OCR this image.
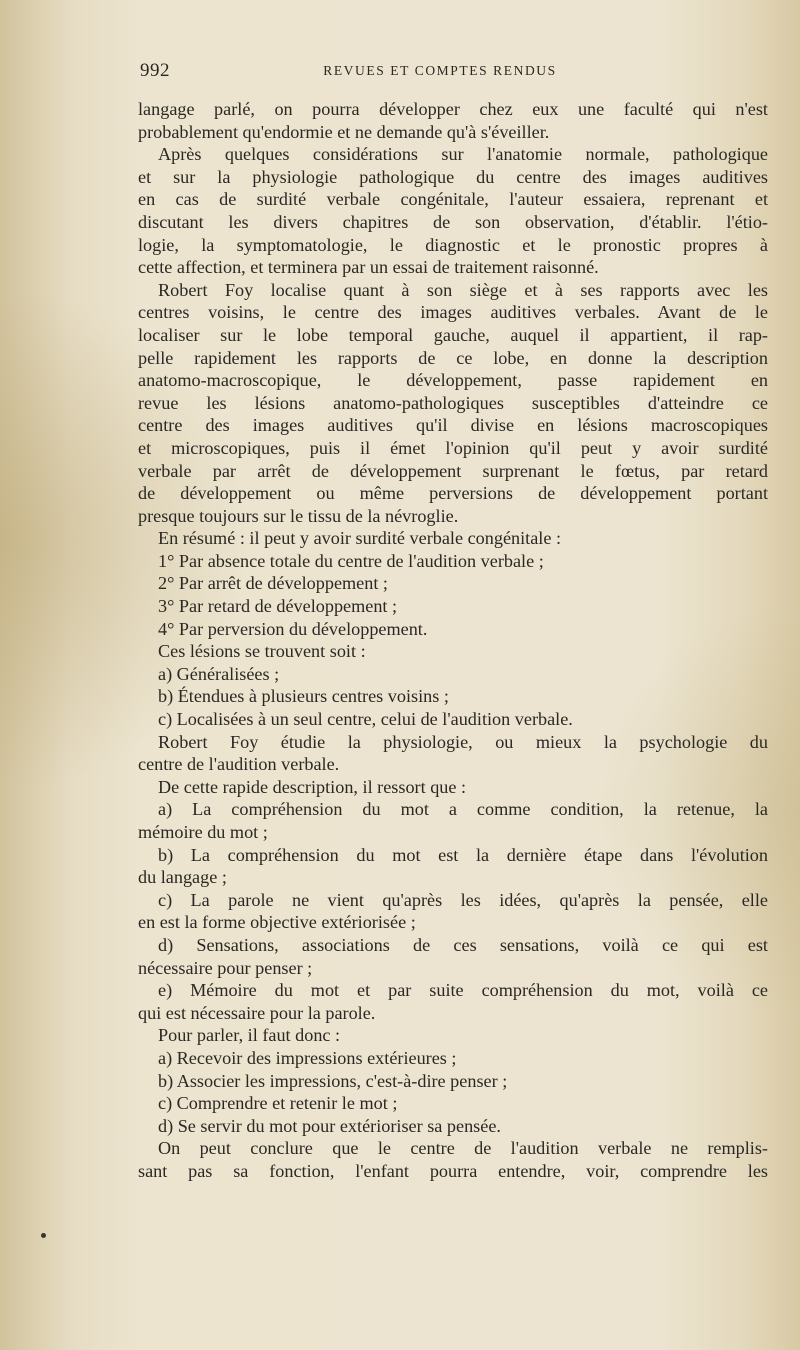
992	REVUES ET COMPTES RENDUS
langage parlé, on pourra développer chez eux une faculté qui n'est
probablement qu'endormie et ne demande qu'à s'éveiller.
Après quelques considérations sur l'anatomie normale, pathologique
et sur la physiologie pathologique du centre des images auditives
en cas de surdité verbale congénitale, l'auteur essaiera, reprenant et
discutant les divers chapitres de son observation, d'établir. l'étio-
logie, la symptomatologie, le diagnostic et le pronostic propres à
cette affection, et terminera par un essai de traitement raisonné.
Robert Foy localise quant à son siège et à ses rapports avec les
centres voisins, le centre des images auditives verbales. Avant de le
localiser sur le lobe temporal gauche, auquel il appartient, il rap-
pelle rapidement les rapports de ce lobe, en donne la description
anatomo-macroscopique, le développement, passe rapidement en
revue les lésions anatomo-pathologiques susceptibles d'atteindre ce
centre des images auditives qu'il divise en lésions macroscopiques
et microscopiques, puis il émet l'opinion qu'il peut y avoir surdité
verbale par arrêt de développement surprenant le fœtus, par retard
de développement ou même perversions de développement portant
presque toujours sur le tissu de la névroglie.
En résumé : il peut y avoir surdité verbale congénitale :
1° Par absence totale du centre de l'audition verbale ;
2° Par arrêt de développement ;
3° Par retard de développement ;
4° Par perversion du développement.
Ces lésions se trouvent soit :
a) Généralisées ;
b) Étendues à plusieurs centres voisins ;
c) Localisées à un seul centre, celui de l'audition verbale.
Robert Foy étudie la physiologie, ou mieux la psychologie du
centre de l'audition verbale.
De cette rapide description, il ressort que :
a) La compréhension du mot a comme condition, la retenue, la
mémoire du mot ;
b) La compréhension du mot est la dernière étape dans l'évolution
du langage ;
c) La parole ne vient qu'après les idées, qu'après la pensée, elle
en est la forme objective extériorisée ;
d) Sensations, associations de ces sensations, voilà ce qui est
nécessaire pour penser ;
e) Mémoire du mot et par suite compréhension du mot, voilà ce
qui est nécessaire pour la parole.
Pour parler, il faut donc :
a) Recevoir des impressions extérieures ;
b) Associer les impressions, c'est-à-dire penser ;
c) Comprendre et retenir le mot ;
d) Se servir du mot pour extérioriser sa pensée.
On peut conclure que le centre de l'audition verbale ne remplis-
sant pas sa fonction, l'enfant pourra entendre, voir, comprendre les
